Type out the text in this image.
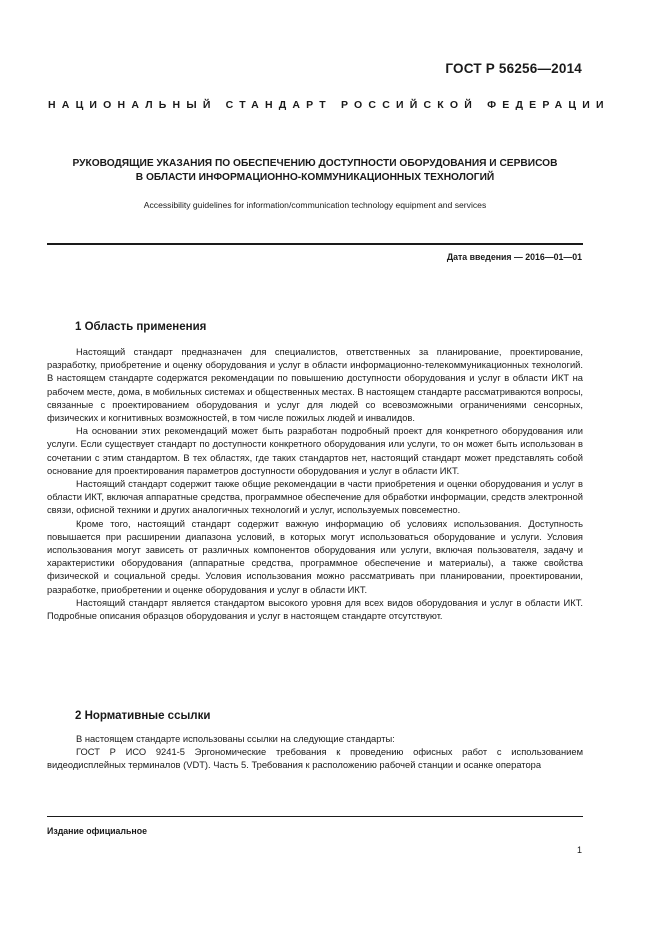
ГОСТ Р 56256—2014
НАЦИОНАЛЬНЫЙ СТАНДАРТ РОССИЙСКОЙ ФЕДЕРАЦИИ
РУКОВОДЯЩИЕ УКАЗАНИЯ ПО ОБЕСПЕЧЕНИЮ ДОСТУПНОСТИ ОБОРУДОВАНИЯ И СЕРВИСОВ
В ОБЛАСТИ ИНФОРМАЦИОННО-КОММУНИКАЦИОННЫХ ТЕХНОЛОГИЙ
Accessibility guidelines for information/communication technology equipment and services
Дата введения — 2016—01—01
1 Область применения

Настоящий стандарт предназначен для специалистов, ответственных за планирование, проектирование, разработку, приобретение и оценку оборудования и услуг в области информационно-телекоммуникационных технологий. В настоящем стандарте содержатся рекомендации по повышению доступности оборудования и услуг в области ИКТ на рабочем месте, дома, в мобильных системах и общественных местах. В настоящем стандарте рассматриваются вопросы, связанные с проектированием оборудования и услуг для людей со всевозможными ограничениями сенсорных, физических и когнитивных возможностей, в том числе пожилых людей и инвалидов.

На основании этих рекомендаций может быть разработан подробный проект для конкретного оборудования или услуги. Если существует стандарт по доступности конкретного оборудования или услуги, то он может быть использован в сочетании с этим стандартом. В тех областях, где таких стандартов нет, настоящий стандарт может представлять собой основание для проектирования параметров доступности оборудования и услуг в области ИКТ.

Настоящий стандарт содержит также общие рекомендации в части приобретения и оценки оборудования и услуг в области ИКТ, включая аппаратные средства, программное обеспечение для обработки информации, средств электронной связи, офисной техники и других аналогичных технологий и услуг, используемых повсеместно.

Кроме того, настоящий стандарт содержит важную информацию об условиях использования. Доступность повышается при расширении диапазона условий, в которых могут использоваться оборудование и услуги. Условия использования могут зависеть от различных компонентов оборудования или услуги, включая пользователя, задачу и характеристики оборудования (аппаратные средства, программное обеспечение и материалы), а также свойства физической и социальной среды. Условия использования можно рассматривать при планировании, проектировании, разработке, приобретении и оценке оборудования и услуг в области ИКТ.

Настоящий стандарт является стандартом высокого уровня для всех видов оборудования и услуг в области ИКТ. Подробные описания образцов оборудования и услуг в настоящем стандарте отсутствуют.

2 Нормативные ссылки

В настоящем стандарте использованы ссылки на следующие стандарты:

ГОСТ Р ИСО 9241-5 Эргономические требования к проведению офисных работ с использованием видеодисплейных терминалов (VDT). Часть 5. Требования к расположению рабочей станции и осанке оператора

Издание официальное
1
